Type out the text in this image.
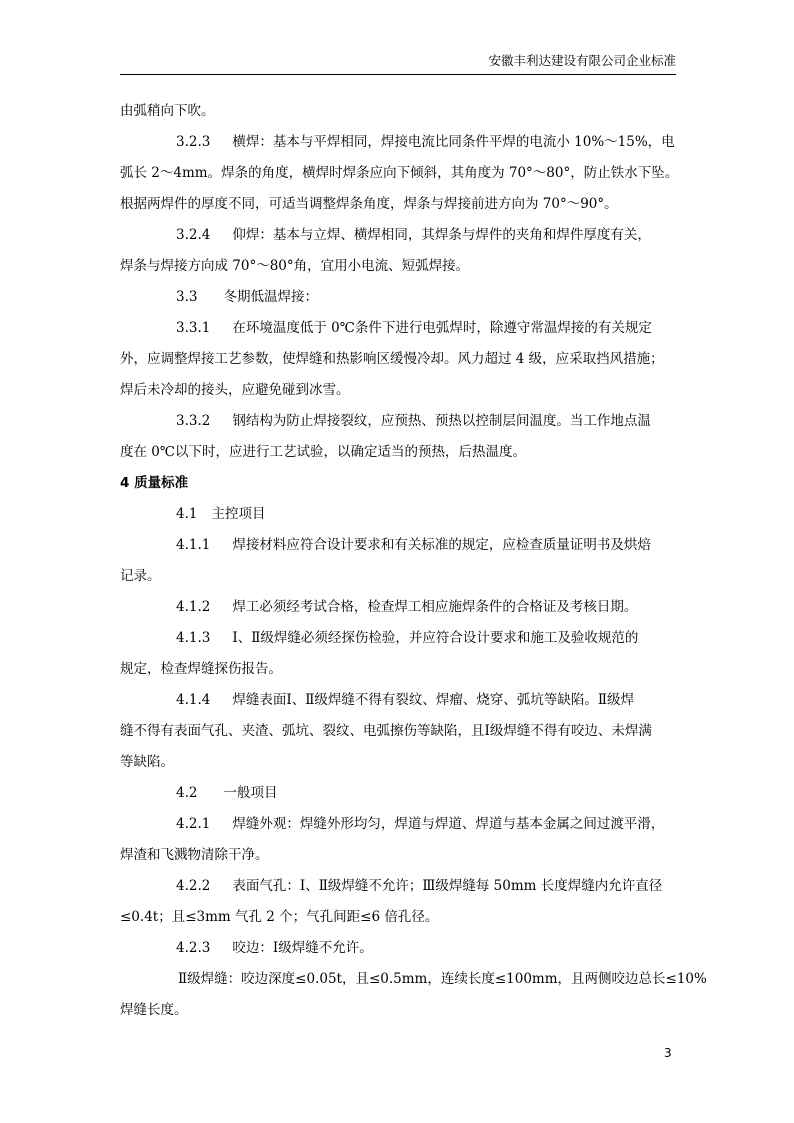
安徽丰利达建设有限公司企业标准

由弧稍向下吹。

3.2.3 横焊：基本与平焊相同，焊接电流比同条件平焊的电流小 10%～15%，电

弧长 2～4mm。焊条的角度，横焊时焊条应向下倾斜，其角度为 70°～80°，防止铁水下坠。

根据两焊件的厚度不同，可适当调整焊条角度，焊条与焊接前进方向为 70°～90°。

3.2.4 仰焊：基本与立焊、横焊相同，其焊条与焊件的夹角和焊件厚度有关，

焊条与焊接方向成 70°～80°角，宜用小电流、短弧焊接。

3.3 冬期低温焊接：

3.3.1 在环境温度低于 0℃条件下进行电弧焊时，除遵守常温焊接的有关规定

外，应调整焊接工艺参数，使焊缝和热影响区缓慢冷却。风力超过 4 级，应采取挡风措施；

焊后未冷却的接头，应避免碰到冰雪。

3.3.2 钢结构为防止焊接裂纹，应预热、预热以控制层间温度。当工作地点温

度在 0℃以下时，应进行工艺试验，以确定适当的预热，后热温度。

4 质量标准

4.1 主控项目

4.1.1 焊接材料应符合设计要求和有关标准的规定，应检查质量证明书及烘焙

记录。

4.1.2 焊工必须经考试合格，检查焊工相应施焊条件的合格证及考核日期。

4.1.3 Ⅰ、Ⅱ级焊缝必须经探伤检验，并应符合设计要求和施工及验收规范的

规定，检查焊缝探伤报告。

4.1.4 焊缝表面Ⅰ、Ⅱ级焊缝不得有裂纹、焊瘤、烧穿、弧坑等缺陷。Ⅱ级焊

缝不得有表面气孔、夹渣、弧坑、裂纹、电弧擦伤等缺陷，且Ⅰ级焊缝不得有咬边、未焊满

等缺陷。

4.2 一般项目

4.2.1 焊缝外观：焊缝外形均匀，焊道与焊道、焊道与基本金属之间过渡平滑，

焊渣和飞溅物清除干净。

4.2.2 表面气孔：Ⅰ、Ⅱ级焊缝不允许；Ⅲ级焊缝每 50mm 长度焊缝内允许直径

≤0.4t；且≤3mm 气孔 2 个；气孔间距≤6 倍孔径。

4.2.3 咬边：Ⅰ级焊缝不允许。

Ⅱ级焊缝：咬边深度≤0.05t，且≤0.5mm，连续长度≤100mm，且两侧咬边总长≤10%

焊缝长度。

3
